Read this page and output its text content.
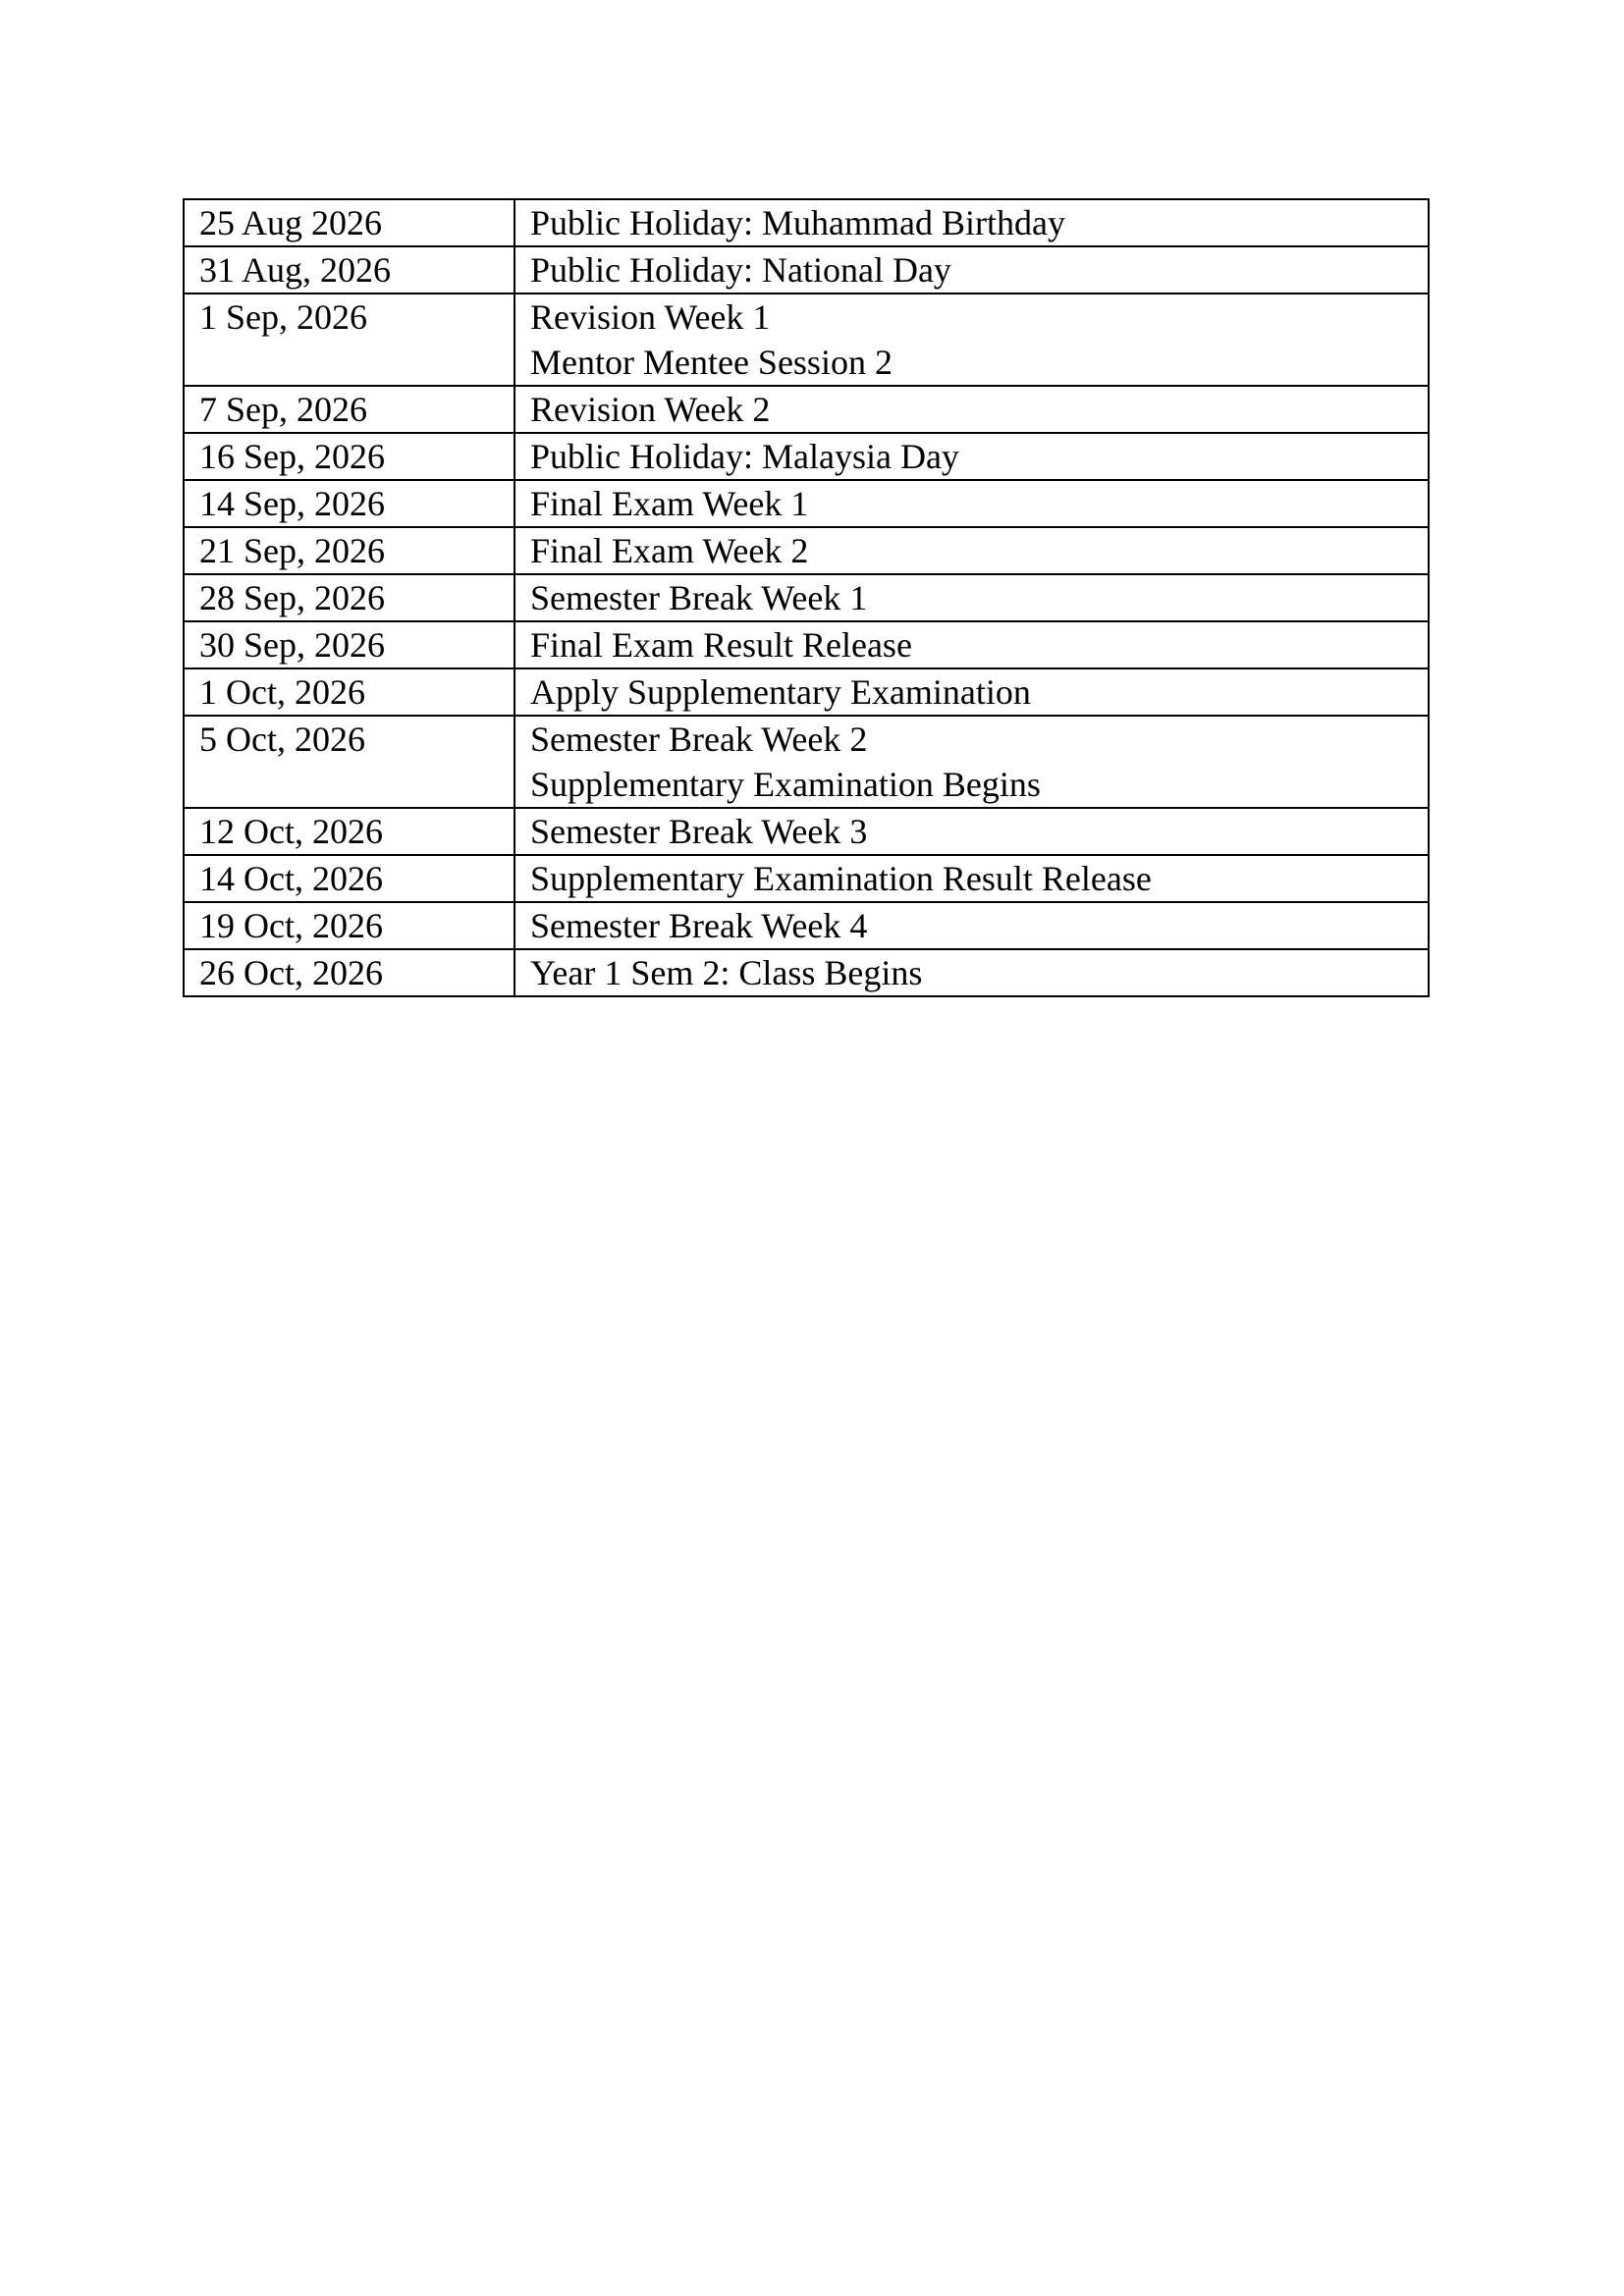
25 Aug 2026	Public Holiday: Muhammad Birthday

31 Aug, 2026	Public Holiday: National Day

1 Sep, 2026	Revision Week 1
Mentor Mentee Session 2

7 Sep, 2026	Revision Week 2

16 Sep, 2026	Public Holiday: Malaysia Day

14 Sep, 2026	Final Exam Week 1

21 Sep, 2026	Final Exam Week 2

28 Sep, 2026	Semester Break Week 1

30 Sep, 2026	Final Exam Result Release

1 Oct, 2026	Apply Supplementary Examination

5 Oct, 2026	Semester Break Week 2
Supplementary Examination Begins

12 Oct, 2026	Semester Break Week 3

14 Oct, 2026	Supplementary Examination Result Release

19 Oct, 2026	Semester Break Week 4

26 Oct, 2026	Year 1 Sem 2: Class Begins
